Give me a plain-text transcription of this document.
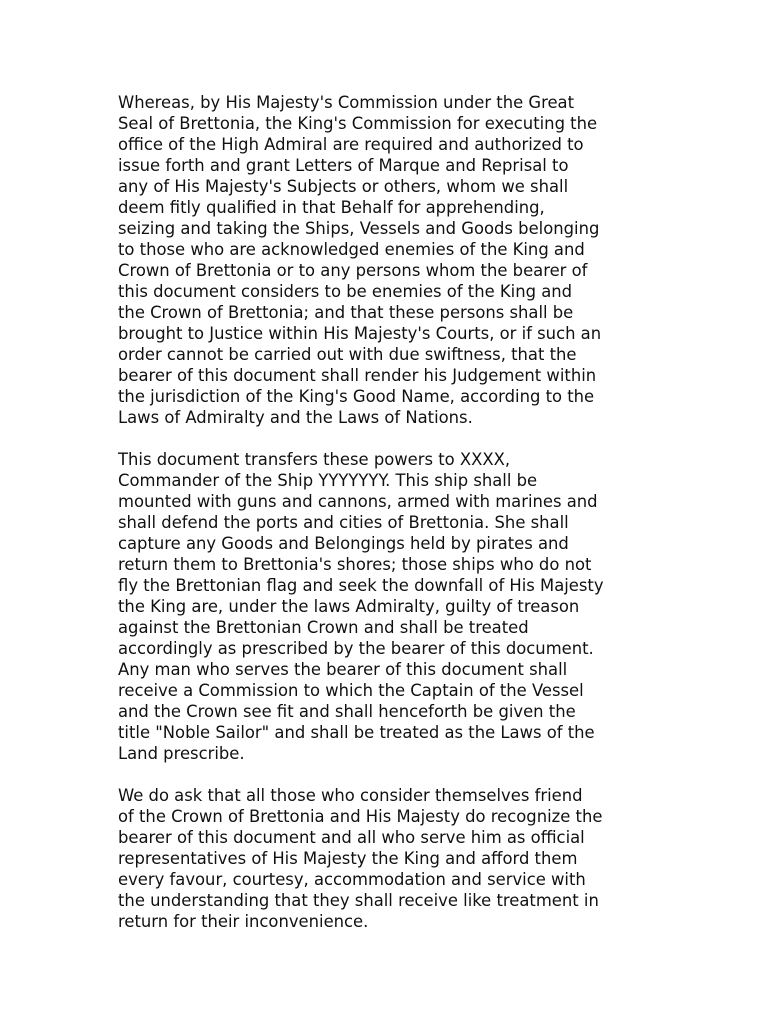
Whereas, by His Majesty's Commission under the Great
Seal of Brettonia, the King's Commission for executing the
office of the High Admiral are required and authorized to
issue forth and grant Letters of Marque and Reprisal to
any of His Majesty's Subjects or others, whom we shall
deem fitly qualified in that Behalf for apprehending,
seizing and taking the Ships, Vessels and Goods belonging
to those who are acknowledged enemies of the King and
Crown of Brettonia or to any persons whom the bearer of
this document considers to be enemies of the King and
the Crown of Brettonia; and that these persons shall be
brought to Justice within His Majesty's Courts, or if such an
order cannot be carried out with due swiftness, that the
bearer of this document shall render his Judgement within
the jurisdiction of the King's Good Name, according to the
Laws of Admiralty and the Laws of Nations.

This document transfers these powers to XXXX,
Commander of the Ship YYYYYYY. This ship shall be
mounted with guns and cannons, armed with marines and
shall defend the ports and cities of Brettonia. She shall
capture any Goods and Belongings held by pirates and
return them to Brettonia's shores; those ships who do not
fly the Brettonian flag and seek the downfall of His Majesty
the King are, under the laws Admiralty, guilty of treason
against the Brettonian Crown and shall be treated
accordingly as prescribed by the bearer of this document.
Any man who serves the bearer of this document shall
receive a Commission to which the Captain of the Vessel
and the Crown see fit and shall henceforth be given the
title "Noble Sailor" and shall be treated as the Laws of the
Land prescribe.

We do ask that all those who consider themselves friend
of the Crown of Brettonia and His Majesty do recognize the
bearer of this document and all who serve him as official
representatives of His Majesty the King and afford them
every favour, courtesy, accommodation and service with
the understanding that they shall receive like treatment in
return for their inconvenience.
